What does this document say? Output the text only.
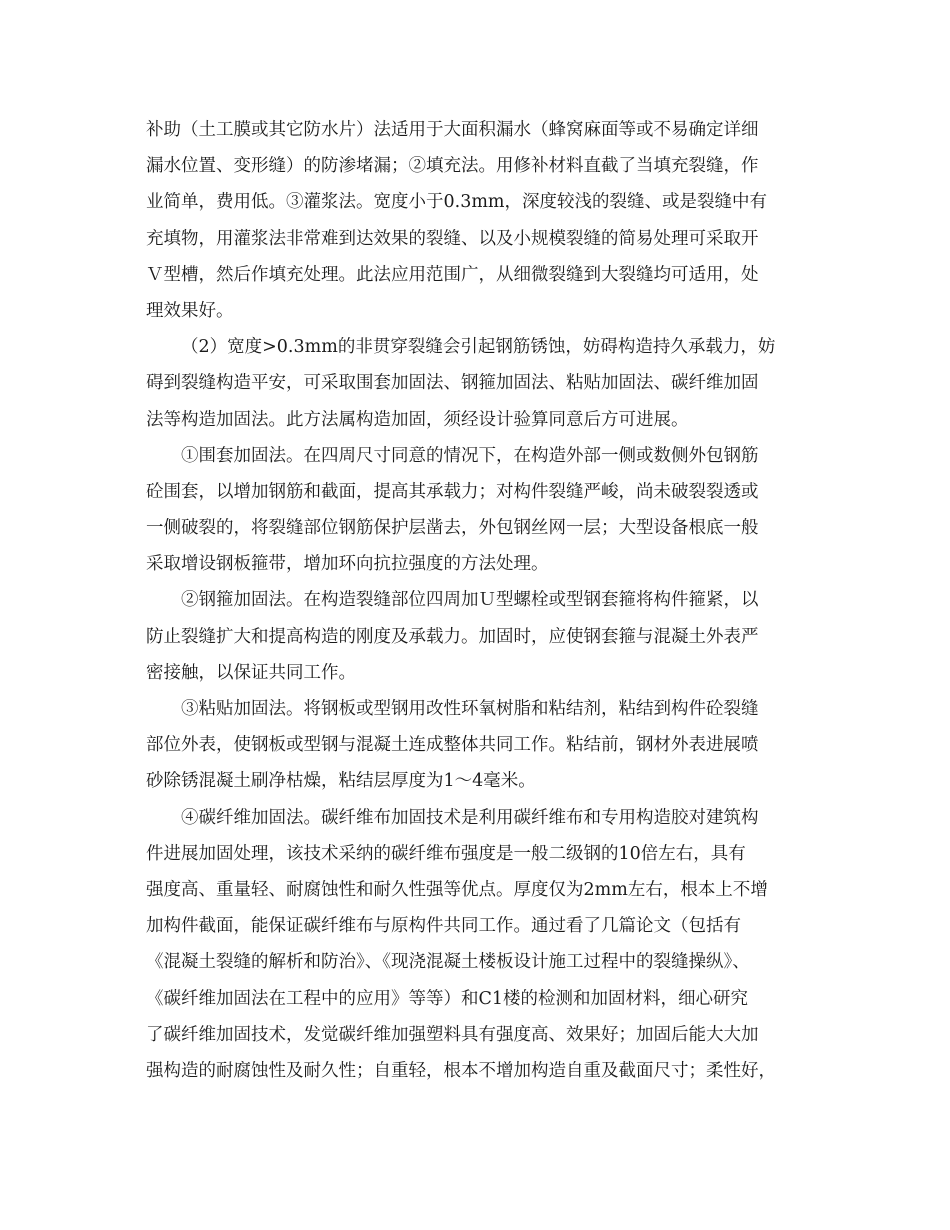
补助（土工膜或其它防水片）法适用于大面积漏水（蜂窝麻面等或不易确定详细
漏水位置、变形缝）的防渗堵漏；②填充法。用修补材料直截了当填充裂缝，作
业简单，费用低。③灌浆法。宽度小于0.3mm，深度较浅的裂缝、或是裂缝中有
充填物，用灌浆法非常难到达效果的裂缝、以及小规模裂缝的简易处理可采取开
Ｖ型槽，然后作填充处理。此法应用范围广，从细微裂缝到大裂缝均可适用，处
理效果好。
（2）宽度>0.3mm的非贯穿裂缝会引起钢筋锈蚀，妨碍构造持久承载力，妨
碍到裂缝构造平安，可采取围套加固法、钢箍加固法、粘贴加固法、碳纤维加固
法等构造加固法。此方法属构造加固，须经设计验算同意后方可进展。
①围套加固法。在四周尺寸同意的情况下，在构造外部一侧或数侧外包钢筋
砼围套，以增加钢筋和截面，提高其承载力；对构件裂缝严峻，尚未破裂裂透或
一侧破裂的，将裂缝部位钢筋保护层凿去，外包钢丝网一层；大型设备根底一般
采取增设钢板箍带，增加环向抗拉强度的方法处理。
②钢箍加固法。在构造裂缝部位四周加Ｕ型螺栓或型钢套箍将构件箍紧，以
防止裂缝扩大和提高构造的刚度及承载力。加固时，应使钢套箍与混凝土外表严
密接触，以保证共同工作。
③粘贴加固法。将钢板或型钢用改性环氧树脂和粘结剂，粘结到构件砼裂缝
部位外表，使钢板或型钢与混凝土连成整体共同工作。粘结前，钢材外表进展喷
砂除锈混凝土刷净枯燥，粘结层厚度为1～4毫米。
④碳纤维加固法。碳纤维布加固技术是利用碳纤维布和专用构造胶对建筑构
件进展加固处理，该技术采纳的碳纤维布强度是一般二级钢的10倍左右，具有
强度高、重量轻、耐腐蚀性和耐久性强等优点。厚度仅为2mm左右，根本上不增
加构件截面，能保证碳纤维布与原构件共同工作。通过看了几篇论文（包括有
《混凝土裂缝的解析和防治》、《现浇混凝土楼板设计施工过程中的裂缝操纵》、
《碳纤维加固法在工程中的应用》等等）和C1楼的检测和加固材料，细心研究
了碳纤维加固技术，发觉碳纤维加强塑料具有强度高、效果好；加固后能大大加
强构造的耐腐蚀性及耐久性；自重轻，根本不增加构造自重及截面尺寸；柔性好，
